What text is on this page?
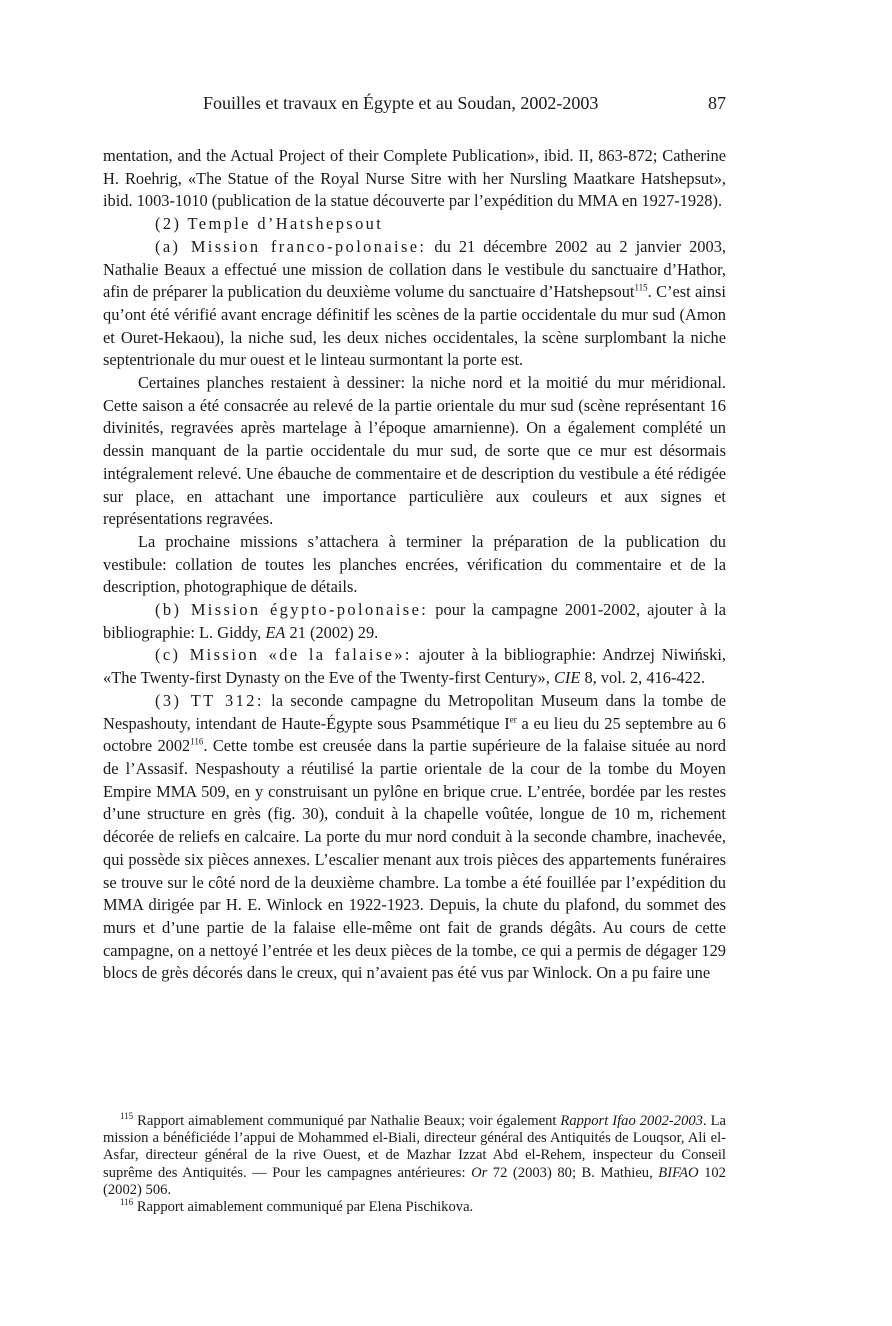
Fouilles et travaux en Égypte et au Soudan, 2002-2003	87

mentation, and the Actual Project of their Complete Publication», ibid. II, 863-872; Catherine H. Roehrig, «The Statue of the Royal Nurse Sitre with her Nursling Maatkare Hatshepsut», ibid. 1003-1010 (publication de la statue découverte par l’expédition du MMA en 1927-1928).

(2) Temple d’Hatshepsout

(a) Mission franco-polonaise: du 21 décembre 2002 au 2 janvier 2003, Nathalie Beaux a effectué une mission de collation dans le vestibule du sanctuaire d’Hathor, afin de préparer la publication du deuxième volume du sanctuaire d’Hatshepsout$^{115}$. C’est ainsi qu’ont été vérifié avant encrage définitif les scènes de la partie occidentale du mur sud (Amon et Ouret-Hekaou), la niche sud, les deux niches occidentales, la scène surplombant la niche septentrionale du mur ouest et le linteau surmontant la porte est.

Certaines planches restaient à dessiner: la niche nord et la moitié du mur méridional. Cette saison a été consacrée au relevé de la partie orientale du mur sud (scène représentant 16 divinités, regravées après martelage à l’époque amarnienne). On a également complété un dessin manquant de la partie occidentale du mur sud, de sorte que ce mur est désormais intégralement relevé. Une ébauche de commentaire et de description du vestibule a été rédigée sur place, en attachant une importance particulière aux couleurs et aux signes et représentations regravées.

La prochaine missions s’attachera à terminer la préparation de la publication du vestibule: collation de toutes les planches encrées, vérification du commentaire et de la description, photographique de détails.

(b) Mission égypto-polonaise: pour la campagne 2001-2002, ajouter à la bibliographie: L. Giddy, EA 21 (2002) 29.

(c) Mission «de la falaise»: ajouter à la bibliographie: Andrzej Niwiński, «The Twenty-first Dynasty on the Eve of the Twenty-first Century», CIE 8, vol. 2, 416-422.

(3) TT 312: la seconde campagne du Metropolitan Museum dans la tombe de Nespashouty, intendant de Haute-Égypte sous Psammétique Ier a eu lieu du 25 septembre au 6 octobre 2002$^{116}$. Cette tombe est creusée dans la partie supérieure de la falaise située au nord de l’Assasif. Nespashouty a réutilisé la partie orientale de la cour de la tombe du Moyen Empire MMA 509, en y construisant un pylône en brique crue. L’entrée, bordée par les restes d’une structure en grès (fig. 30), conduit à la chapelle voûtée, longue de 10 m, richement décorée de reliefs en calcaire. La porte du mur nord conduit à la seconde chambre, inachevée, qui possède six pièces annexes. L’escalier menant aux trois pièces des appartements funéraires se trouve sur le côté nord de la deuxième chambre. La tombe a été fouillée par l’expédition du MMA dirigée par H. E. Winlock en 1922-1923. Depuis, la chute du plafond, du sommet des murs et d’une partie de la falaise elle-même ont fait de grands dégâts. Au cours de cette campagne, on a nettoyé l’entrée et les deux pièces de la tombe, ce qui a permis de dégager 129 blocs de grès décorés dans le creux, qui n’avaient pas été vus par Winlock. On a pu faire une

$^{115}$ Rapport aimablement communiqué par Nathalie Beaux; voir également Rapport Ifao 2002-2003. La mission a bénéficiéde l’appui de Mohammed el-Biali, directeur général des Antiquités de Louqsor, Ali el-Asfar, directeur général de la rive Ouest, et de Mazhar Izzat Abd el-Rehem, inspecteur du Conseil suprême des Antiquités. — Pour les campagnes antérieures: Or 72 (2003) 80; B. Mathieu, BIFAO 102 (2002) 506.

$^{116}$ Rapport aimablement communiqué par Elena Pischikova.
